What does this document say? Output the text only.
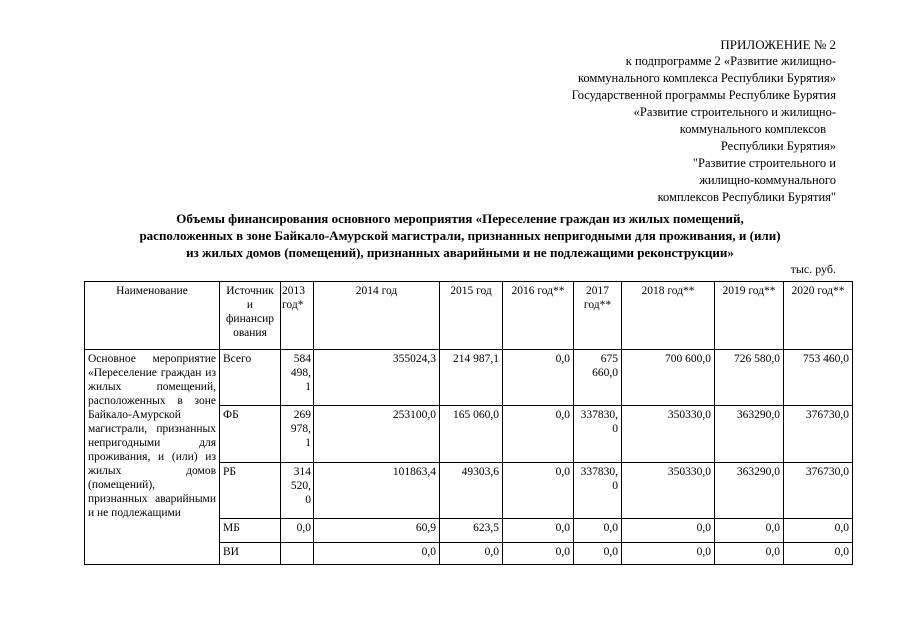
ПРИЛОЖЕНИЕ № 2
к подпрограмме 2 «Развитие жилищно-
коммунального комплекса Республики Бурятия»
Государственной программы Республике Бурятия
«Развитие строительного и жилищно-
коммунального комплексов
Республики Бурятия»
"Развитие строительного и
жилищно-коммунального
комплексов Республики Бурятия"
Объемы финансирования основного мероприятия «Переселение граждан из жилых помещений,
расположенных в зоне Байкало-Амурской магистрали, признанных непригодными для проживания, и (или)
из жилых домов (помещений), признанных аварийными и не подлежащими реконструкции»
тыс. руб.
Наименование	Источник и финансир ования	2013 год*	2014 год	2015 год	2016 год**	2017 год**	2018 год**	2019 год**	2020 год**
Основное мероприятие «Переселение граждан из жилых помещений, расположенных в зоне Байкало-Амурской магистрали, признанных непригодными для проживания, и (или) из жилых домов (помещений), признанных аварийными и не подлежащими	Всего	584 498, 1	355024,3	214 987,1	0,0	675 660,0	700 600,0	726 580,0	753 460,0
	ФБ	269 978, 1	253100,0	165 060,0	0,0	337830, 0	350330,0	363290,0	376730,0
	РБ	314 520, 0	101863,4	49303,6	0,0	337830, 0	350330,0	363290,0	376730,0
	МБ	0,0	60,9	623,5	0,0	0,0	0,0	0,0	0,0
	ВИ		0,0	0,0	0,0	0,0	0,0	0,0	0,0
